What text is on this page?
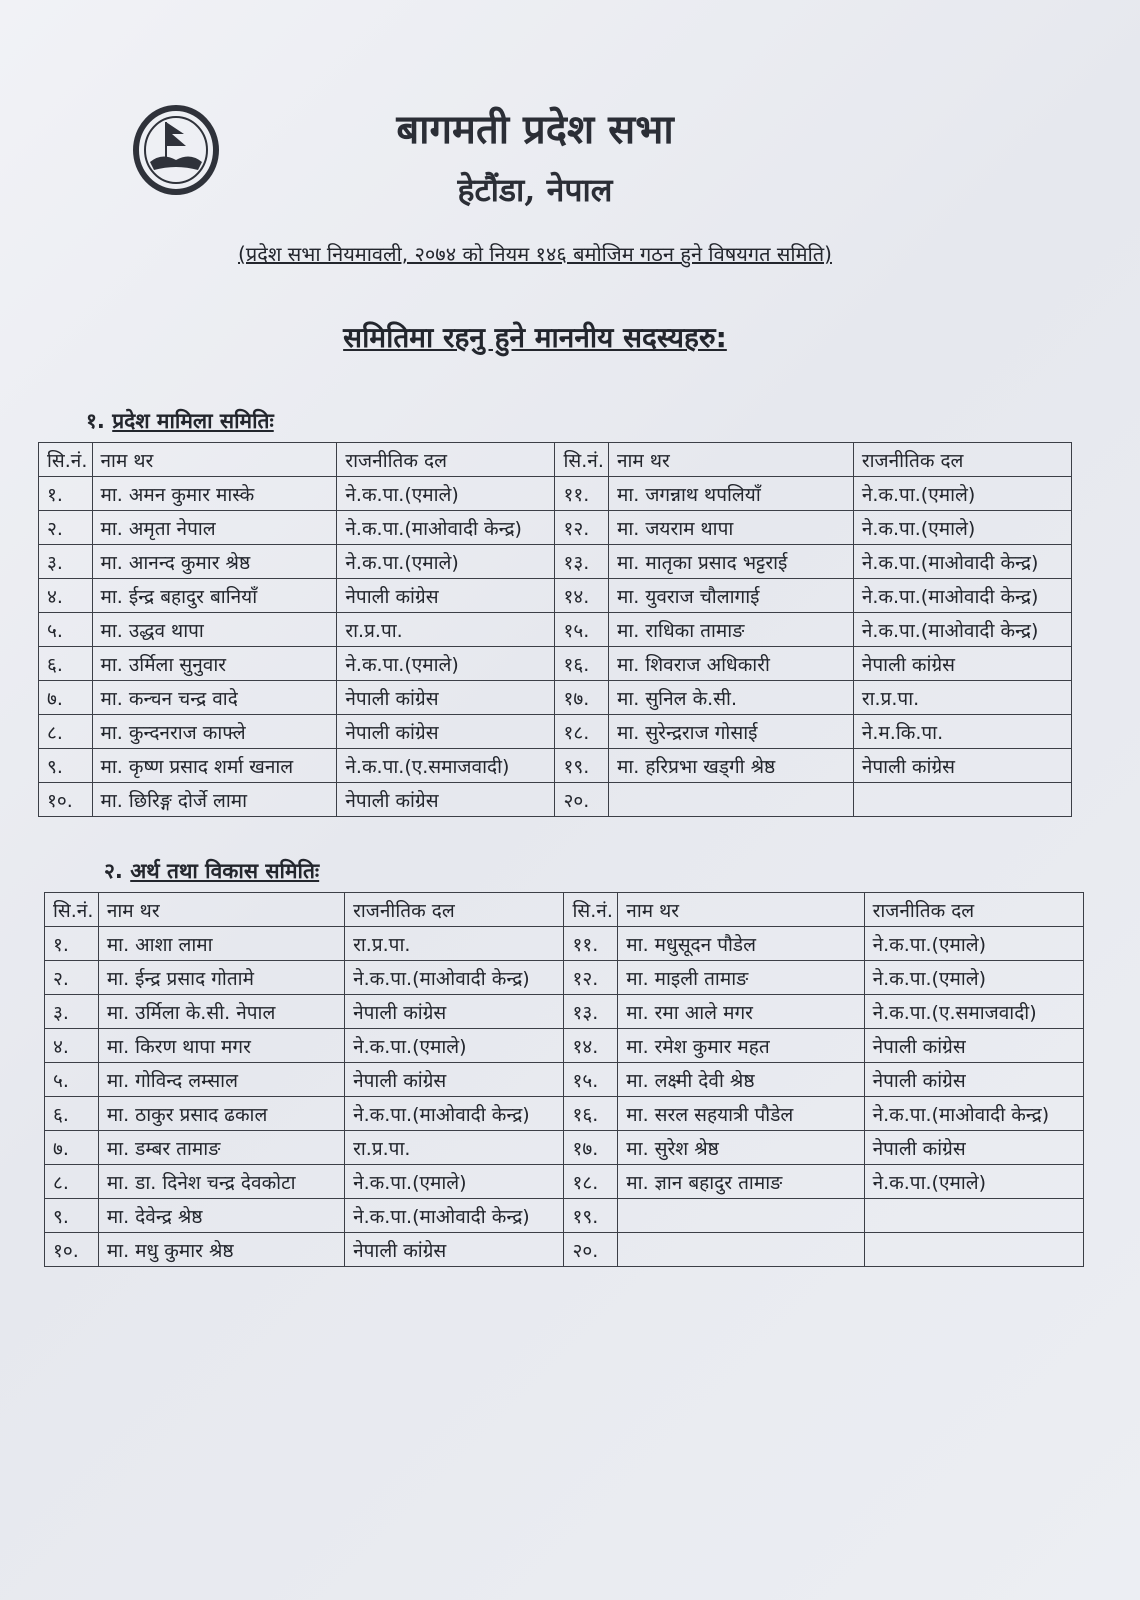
बागमती प्रदेश सभा
हेटौंडा, नेपाल
(प्रदेश सभा नियमावली, २०७४ को नियम १४६ बमोजिम गठन हुने विषयगत समिति)
समितिमा रहनु हुने माननीय सदस्यहरु:
१. प्रदेश मामिला समितिः
सि.नं.	नाम थर	राजनीतिक दल	सि.नं.	नाम थर	राजनीतिक दल
१.	मा. अमन कुमार मास्के	ने.क.पा.(एमाले)	११.	मा. जगन्नाथ थपलियाँ	ने.क.पा.(एमाले)
२.	मा. अमृता नेपाल	ने.क.पा.(माओवादी केन्द्र)	१२.	मा. जयराम थापा	ने.क.पा.(एमाले)
३.	मा. आनन्द कुमार श्रेष्ठ	ने.क.पा.(एमाले)	१३.	मा. मातृका प्रसाद भट्टराई	ने.क.पा.(माओवादी केन्द्र)
४.	मा. ईन्द्र बहादुर बानियाँ	नेपाली कांग्रेस	१४.	मा. युवराज चौलागाई	ने.क.पा.(माओवादी केन्द्र)
५.	मा. उद्धव थापा	रा.प्र.पा.	१५.	मा. राधिका तामाङ	ने.क.पा.(माओवादी केन्द्र)
६.	मा. उर्मिला सुनुवार	ने.क.पा.(एमाले)	१६.	मा. शिवराज अधिकारी	नेपाली कांग्रेस
७.	मा. कन्चन चन्द्र वादे	नेपाली कांग्रेस	१७.	मा. सुनिल के.सी.	रा.प्र.पा.
८.	मा. कुन्दनराज काफ्ले	नेपाली कांग्रेस	१८.	मा. सुरेन्द्रराज गोसाई	ने.म.कि.पा.
९.	मा. कृष्ण प्रसाद शर्मा खनाल	ने.क.पा.(ए.समाजवादी)	१९.	मा. हरिप्रभा खड्गी श्रेष्ठ	नेपाली कांग्रेस
१०.	मा. छिरिङ्ग दोर्जे लामा	नेपाली कांग्रेस	२०.		
२. अर्थ तथा विकास समितिः
सि.नं.	नाम थर	राजनीतिक दल	सि.नं.	नाम थर	राजनीतिक दल
१.	मा. आशा लामा	रा.प्र.पा.	११.	मा. मधुसूदन पौडेल	ने.क.पा.(एमाले)
२.	मा. ईन्द्र प्रसाद गोतामे	ने.क.पा.(माओवादी केन्द्र)	१२.	मा. माइली तामाङ	ने.क.पा.(एमाले)
३.	मा. उर्मिला के.सी. नेपाल	नेपाली कांग्रेस	१३.	मा. रमा आले मगर	ने.क.पा.(ए.समाजवादी)
४.	मा. किरण थापा मगर	ने.क.पा.(एमाले)	१४.	मा. रमेश कुमार महत	नेपाली कांग्रेस
५.	मा. गोविन्द लम्साल	नेपाली कांग्रेस	१५.	मा. लक्ष्मी देवी श्रेष्ठ	नेपाली कांग्रेस
६.	मा. ठाकुर प्रसाद ढकाल	ने.क.पा.(माओवादी केन्द्र)	१६.	मा. सरल सहयात्री पौडेल	ने.क.पा.(माओवादी केन्द्र)
७.	मा. डम्बर तामाङ	रा.प्र.पा.	१७.	मा. सुरेश श्रेष्ठ	नेपाली कांग्रेस
८.	मा. डा. दिनेश चन्द्र देवकोटा	ने.क.पा.(एमाले)	१८.	मा. ज्ञान बहादुर तामाङ	ने.क.पा.(एमाले)
९.	मा. देवेन्द्र श्रेष्ठ	ने.क.पा.(माओवादी केन्द्र)	१९.		
१०.	मा. मधु कुमार श्रेष्ठ	नेपाली कांग्रेस	२०.		
